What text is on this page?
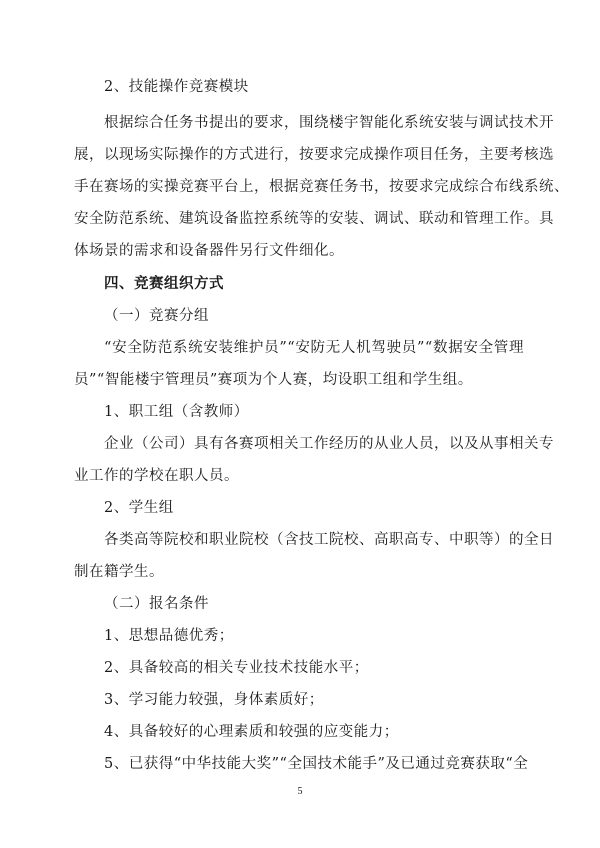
2、技能操作竞赛模块
根据综合任务书提出的要求，围绕楼宇智能化系统安装与调试技术开
展，以现场实际操作的方式进行，按要求完成操作项目任务，主要考核选
手在赛场的实操竞赛平台上，根据竞赛任务书，按要求完成综合布线系统、
安全防范系统、建筑设备监控系统等的安装、调试、联动和管理工作。具
体场景的需求和设备器件另行文件细化。
四、竞赛组织方式
（一）竞赛分组
“安全防范系统安装维护员”“安防无人机驾驶员”“数据安全管理
员”“智能楼宇管理员”赛项为个人赛，均设职工组和学生组。
1、职工组（含教师）
企业（公司）具有各赛项相关工作经历的从业人员，以及从事相关专
业工作的学校在职人员。
2、学生组
各类高等院校和职业院校（含技工院校、高职高专、中职等）的全日
制在籍学生。
（二）报名条件
1、思想品德优秀；
2、具备较高的相关专业技术技能水平；
3、学习能力较强，身体素质好；
4、具备较好的心理素质和较强的应变能力；
5、已获得“中华技能大奖”“全国技术能手”及已通过竞赛获取“全
5
